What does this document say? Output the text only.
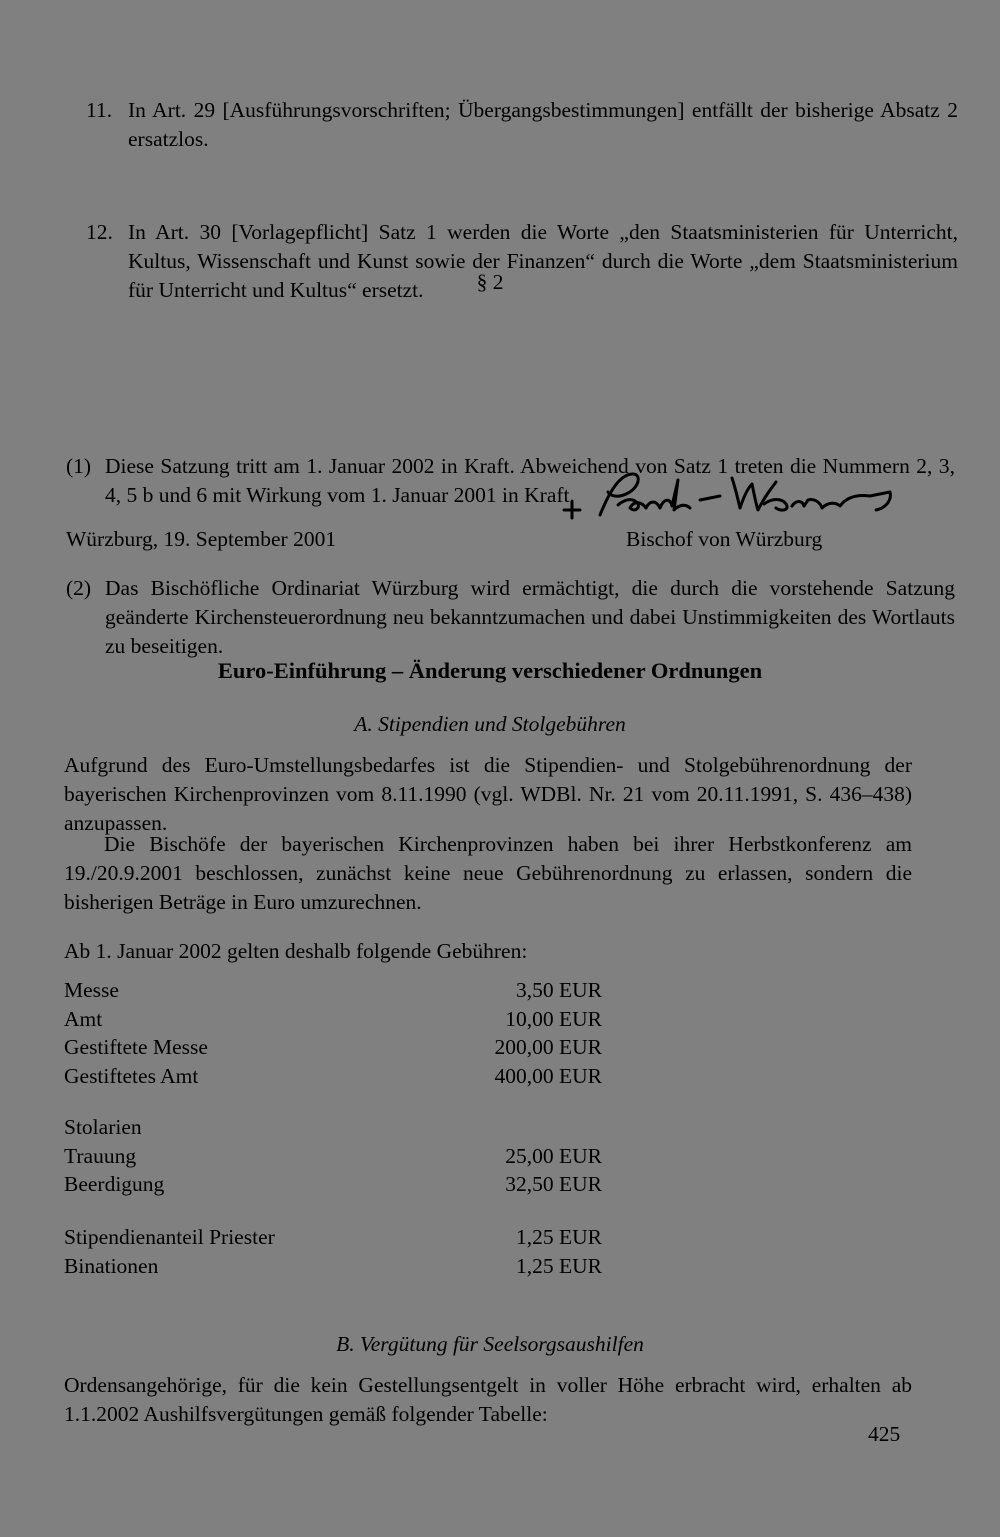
11. In Art. 29 [Ausführungsvorschriften; Übergangsbestimmungen] entfällt der bisherige Absatz 2 ersatzlos.
12. In Art. 30 [Vorlagepflicht] Satz 1 werden die Worte „den Staatsministerien für Unterricht, Kultus, Wissenschaft und Kunst sowie der Finanzen“ durch die Worte „dem Staatsministerium für Unterricht und Kultus“ ersetzt.	§ 2
(1) Diese Satzung tritt am 1. Januar 2002 in Kraft. Abweichend von Satz 1 treten die Nummern 2, 3, 4, 5 b und 6 mit Wirkung vom 1. Januar 2001 in Kraft.
(2) Das Bischöfliche Ordinariat Würzburg wird ermächtigt, die durch die vorstehende Satzung geänderte Kirchensteuerordnung neu bekanntzumachen und dabei Unstimmigkeiten des Wortlauts zu beseitigen.
Würzburg, 19. September 2001	Bischof von Würzburg
Euro-Einführung – Änderung verschiedener Ordnungen
A. Stipendien und Stolgebühren
Aufgrund des Euro-Umstellungsbedarfes ist die Stipendien- und Stolgebührenordnung der bayerischen Kirchenprovinzen vom 8.11.1990 (vgl. WDBl. Nr. 21 vom 20.11.1991, S. 436–438) anzupassen.
Die Bischöfe der bayerischen Kirchenprovinzen haben bei ihrer Herbstkonferenz am 19./20.9.2001 beschlossen, zunächst keine neue Gebührenordnung zu erlassen, sondern die bisherigen Beträge in Euro umzurechnen.
Ab 1. Januar 2002 gelten deshalb folgende Gebühren:
Messe	3,50 EUR
Amt	10,00 EUR
Gestiftete Messe	200,00 EUR
Gestiftetes Amt	400,00 EUR
Stolarien
Trauung	25,00 EUR
Beerdigung	32,50 EUR
Stipendienanteil Priester	1,25 EUR
Binationen	1,25 EUR
B. Vergütung für Seelsorgsaushilfen
Ordensangehörige, für die kein Gestellungsentgelt in voller Höhe erbracht wird, erhalten ab 1.1.2002 Aushilfsvergütungen gemäß folgender Tabelle:
425
